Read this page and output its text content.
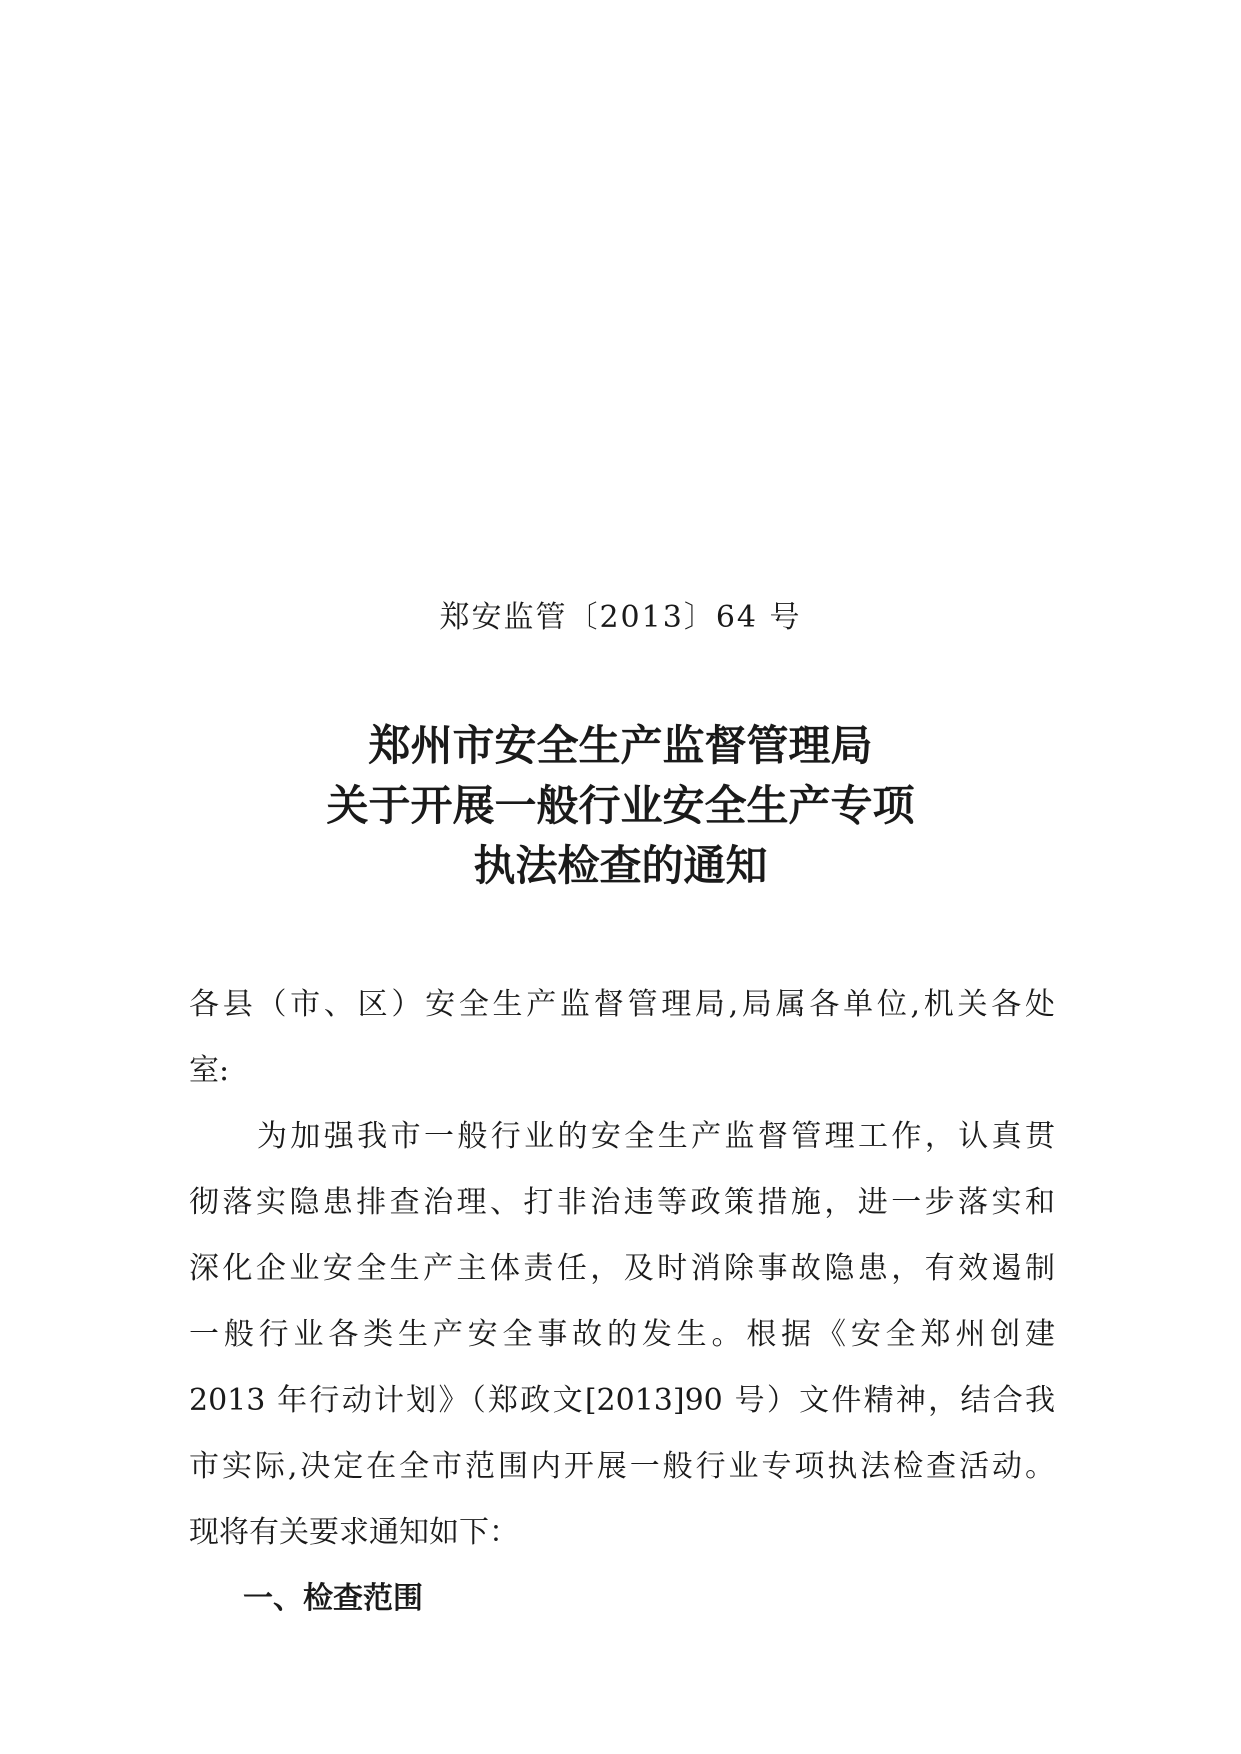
郑安监管〔2013〕64 号
郑州市安全生产监督管理局
关于开展一般行业安全生产专项
执法检查的通知
各县（市、区）安全生产监督管理局,局属各单位,机关各处
室:
为加强我市一般行业的安全生产监督管理工作，认真贯
彻落实隐患排查治理、打非治违等政策措施，进一步落实和
深化企业安全生产主体责任，及时消除事故隐患，有效遏制
一般行业各类生产安全事故的发生。根据《安全郑州创建
2013 年行动计划》（郑政文[2013]90 号）文件精神，结合我
市实际,决定在全市范围内开展一般行业专项执法检查活动。
现将有关要求通知如下：
一、检查范围
